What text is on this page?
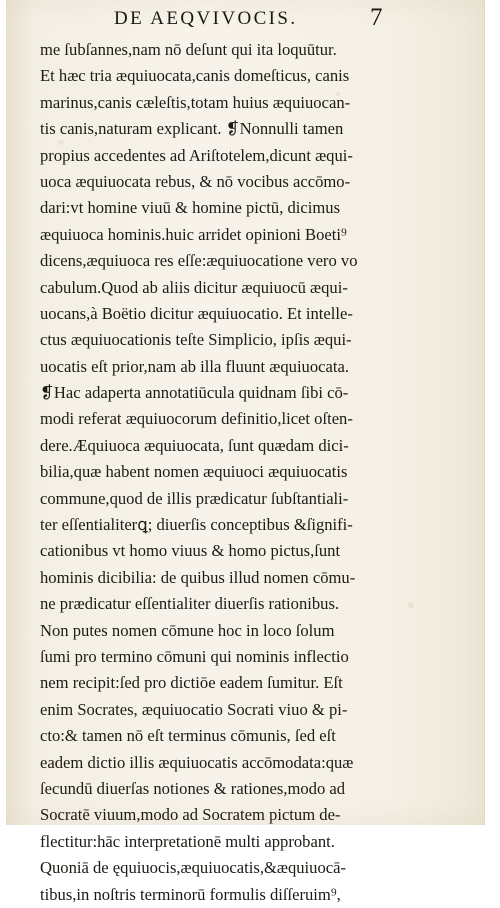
DE AEQVIVOCIS.	7
me ſubſannes,nam nō deſunt qui ita loquūtur.
Et hæc tria æquiuocata,canis domeſticus, canis
marinus,canis cæleſtis,totam huius æquiuocan-
tis canis,naturam explicant. ❡Nonnulli tamen
propius accedentes ad Ariſtotelem,dicunt æqui-
uoca æquiuocata rebus, & nō vocibus accōmo-
dari:vt homine viuū & homine pictū, dicimus
æquiuoca hominis.huic arridet opinioni Boeti⁹
dicens,æquiuoca res eſſe:æquiuocatione vero vo
cabulum.Quod ab aliis dicitur æquiuocū æqui-
uocans,à Boëtio dicitur æquiuocatio. Et intelle-
ctus æquiuocationis teſte Simplicio, ipſis æqui-
uocatis eſt prior,nam ab illa fluunt æquiuocata.
❡Hac adaperta annotatiūcula quidnam ſibi cō-
modi referat æquiuocorum definitio,licet oſten-
dere.Æquiuoca æquiuocata, ſunt quædam dici-
bilia,quæ habent nomen æquiuoci æquiuocatis
commune,quod de illis prædicatur ſubſtantiali-
ter eſſentialiterꝗ; diuerſis conceptibus &ſignifi-
cationibus vt homo viuus & homo pictus,ſunt
hominis dicibilia: de quibus illud nomen cōmu-
ne prædicatur eſſentialiter diuerſis rationibus.
Non putes nomen cōmune hoc in loco ſolum
ſumi pro termino cōmuni qui nominis inflectio
nem recipit:ſed pro dictiōe eadem ſumitur. Eſt
enim Socrates, æquiuocatio Socrati viuo & pi-
cto:& tamen nō eſt terminus cōmunis, ſed eſt
eadem dictio illis æquiuocatis accōmodata:quæ
ſecundū diuerſas notiones & rationes,modo ad
Socratē viuum,modo ad Socratem pictum de-
flectitur:hāc interpretationē multi approbant.
Quoniā de ęquiuocis,æquiuocatis,&æquiuocā-
tibus,in noſtris terminorū formulis diſſeruim⁹,
